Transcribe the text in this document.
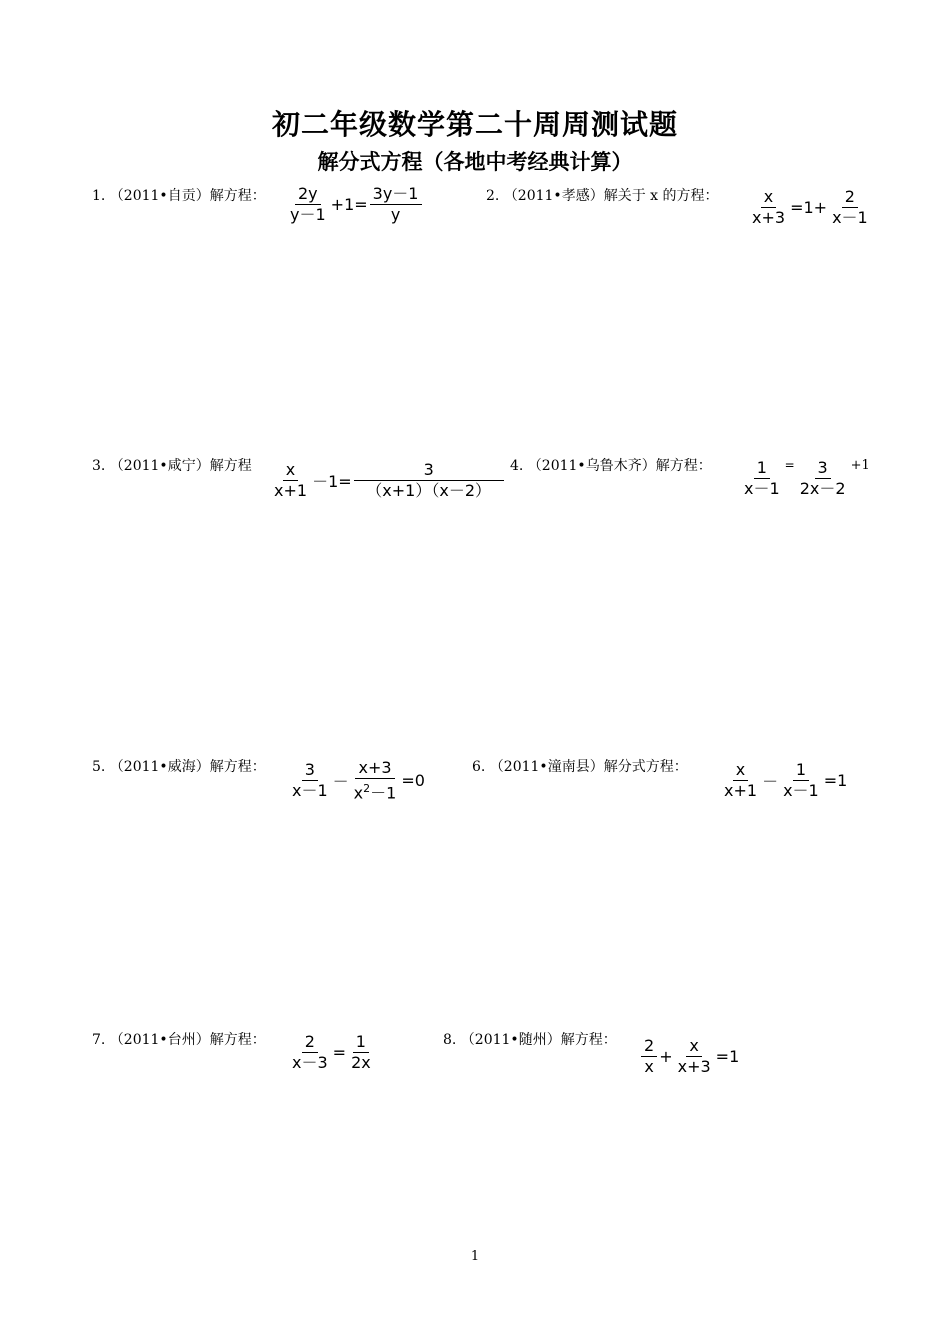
初二年级数学第二十周周测试题
解分式方程（各地中考经典计算）
1. （2011•自贡）解方程： $\frac{2y}{y-1} +1= \frac{3y-1}{y}$	2. （2011•孝感）解关于 x 的方程： $\frac{x}{x+3} =1+ \frac{2}{x-1}$
3. （2011•咸宁）解方程 $\frac{x}{x+1} -1= \frac{3}{(x+1)(x-2)} 4$. （2011•乌鲁木齐）解方程： $\frac{1}{x-1} = \frac{3}{2x-2} +1$
5. （2011•威海）解方程： $\frac{3}{x-1} - \frac{x+3}{x^2-1} =0$
6. （2011•潼南县）解分式方程： $\frac{x}{x+1} - \frac{1}{x-1} =1$
7. （2011•台州）解方程： $\frac{2}{x-3} = \frac{1}{2x}$	8. （2011•随州）解方程： $\frac{2}{x} + \frac{x}{x+3} =1$
1
